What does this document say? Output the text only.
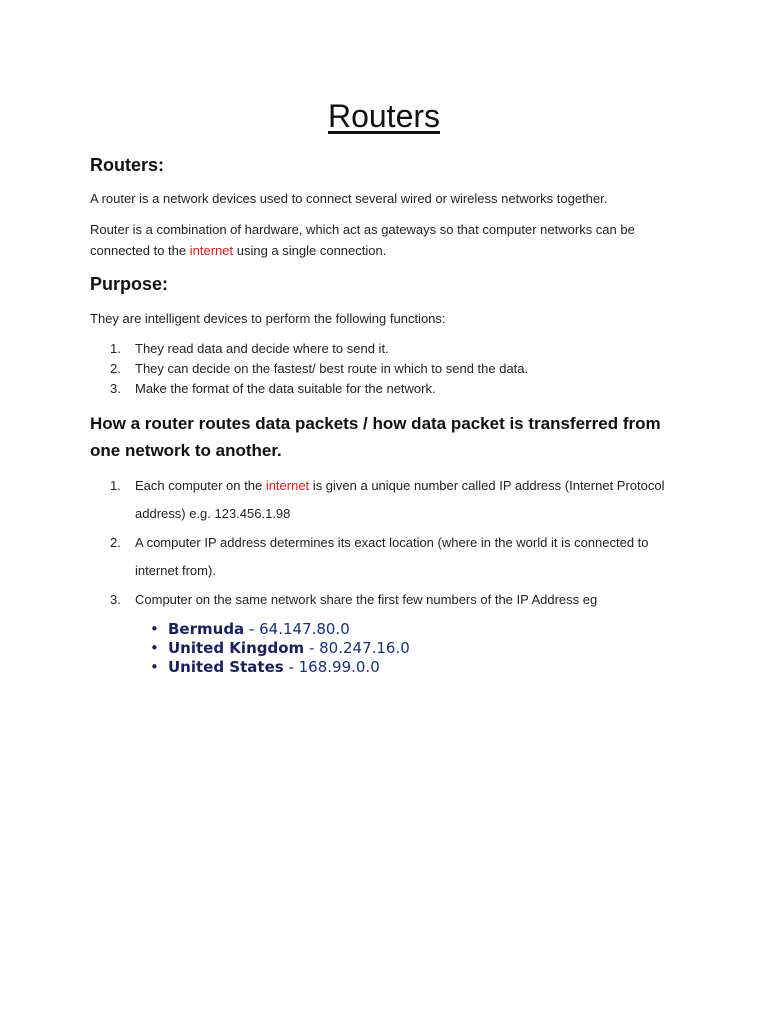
Routers
Routers:
A router is a network devices used to connect several wired or wireless networks together.
Router is a combination of hardware, which act as gateways so that computer networks can be connected to the internet using a single connection.
Purpose:
They are intelligent devices to perform the following functions:
1. They read data and decide where to send it.
2. They can decide on the fastest/ best route in which to send the data.
3. Make the format of the data suitable for the network.
How a router routes data packets / how data packet is transferred from one network to another.
1. Each computer on the internet is given a unique number called IP address (Internet Protocol address) e.g. 123.456.1.98
2. A computer IP address determines its exact location (where in the world it is connected to internet from).
3. Computer on the same network share the first few numbers of the IP Address eg
• Bermuda - 64.147.80.0
• United Kingdom - 80.247.16.0
• United States - 168.99.0.0
